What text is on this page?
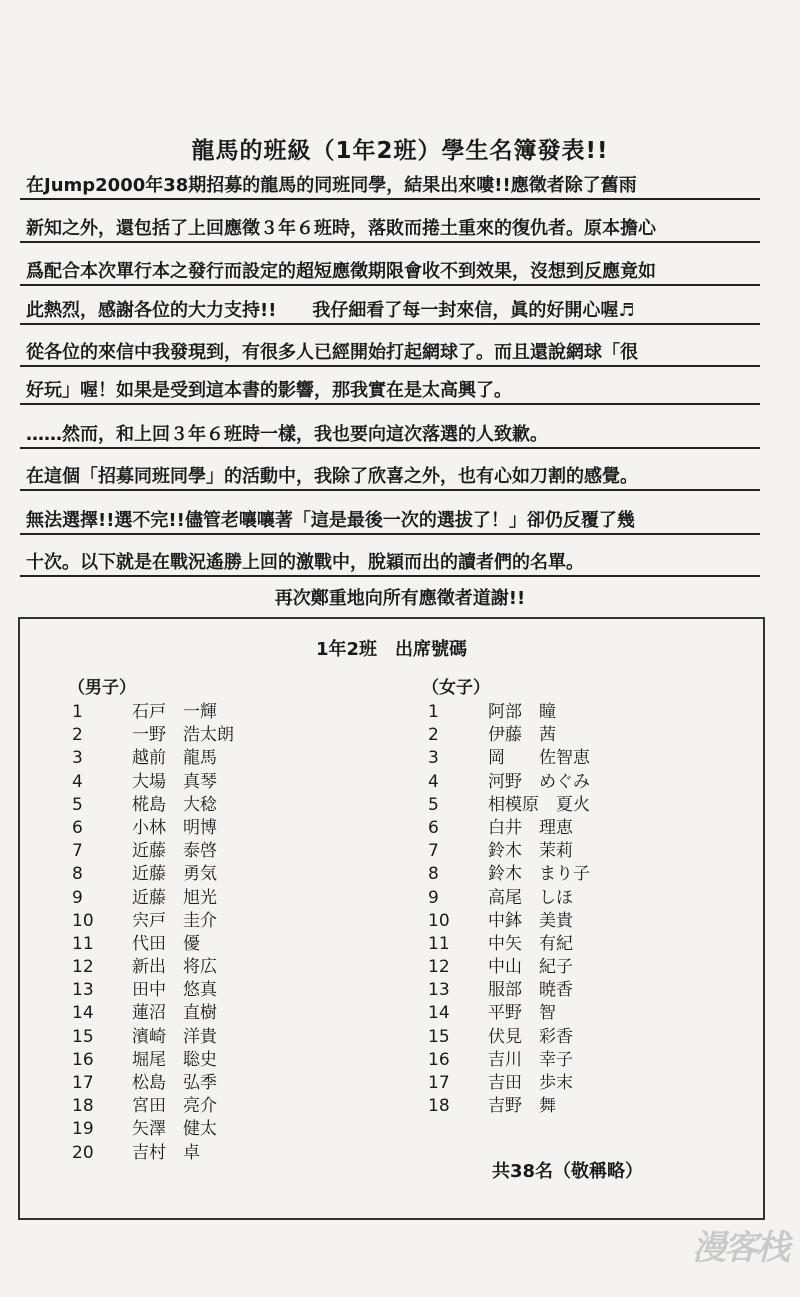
龍馬的班級（1年2班）學生名簿發表!!
在Jump2000年38期招募的龍馬的同班同學，結果出來嘍!!應徵者除了舊雨
新知之外，還包括了上回應徵３年６班時，落敗而捲土重來的復仇者。原本擔心
爲配合本次單行本之發行而設定的超短應徵期限會收不到效果，沒想到反應竟如
此熱烈，感謝各位的大力支持!!　　我仔細看了每一封來信，眞的好開心喔♬
從各位的來信中我發現到，有很多人已經開始打起網球了。而且還說網球「很
好玩」喔！如果是受到這本書的影響，那我實在是太高興了。
……然而，和上回３年６班時一樣，我也要向這次落選的人致歉。
在這個「招募同班同學」的活動中，我除了欣喜之外，也有心如刀割的感覺。
無法選擇!!選不完!!儘管老嚷嚷著「這是最後一次的選拔了！」卻仍反覆了幾
十次。以下就是在戰況遙勝上回的激戰中，脫穎而出的讀者們的名單。
再次鄭重地向所有應徵者道謝!!
1年2班　出席號碼
（男子）	（女子）
1	石戸　一輝
2	一野　浩太朗
3	越前　龍馬
4	大場　真琴
5	椛島　大稔
6	小林　明博
7	近藤　泰啓
8	近藤　勇気
9	近藤　旭光
10 宍戸　圭介
11 代田　優
12 新出　将広
13 田中　悠真
14 蓮沼　直樹
15 濱崎　洋貴
16 堀尾　聡史
17 松島　弘季
18 宮田　亮介
19 矢澤　健太
20 吉村　卓
1	阿部　瞳
2	伊藤　茜
3	岡　　佐智恵
4	河野　めぐみ
5	相模原　夏火
6	白井　理恵
7	鈴木　茉莉
8	鈴木　まり子
9	高尾　しほ
10 中鉢　美貴
11 中矢　有紀
12 中山　紀子
13 服部　暁香
14 平野　智
15 伏見　彩香
16 吉川　幸子
17 吉田　歩末
18 吉野　舞
共38名（敬稱略）
漫客栈
